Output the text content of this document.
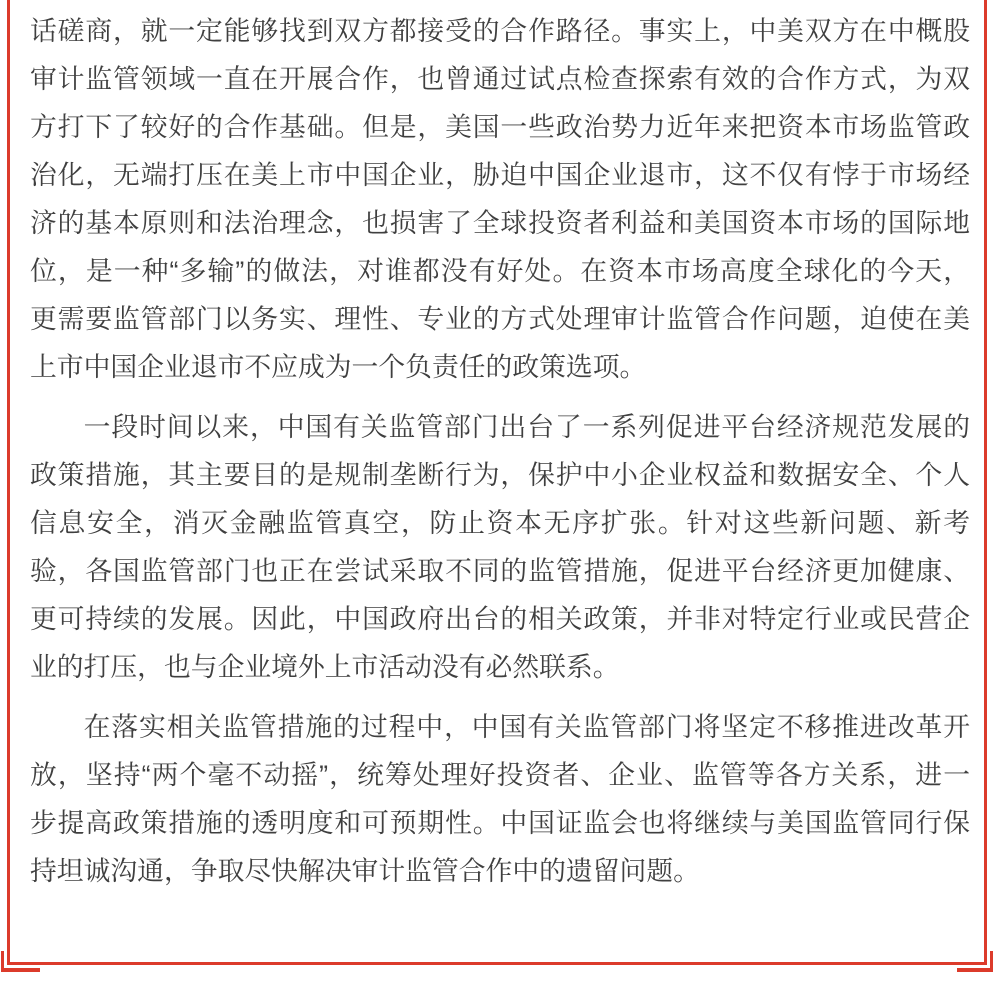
话磋商，就一定能够找到双方都接受的合作路径。事实上，中美双方在中概股
审计监管领域一直在开展合作，也曾通过试点检查探索有效的合作方式，为双
方打下了较好的合作基础。但是，美国一些政治势力近年来把资本市场监管政
治化，无端打压在美上市中国企业，胁迫中国企业退市，这不仅有悖于市场经
济的基本原则和法治理念，也损害了全球投资者利益和美国资本市场的国际地
位，是一种“多输”的做法，对谁都没有好处。在资本市场高度全球化的今天，
更需要监管部门以务实、理性、专业的方式处理审计监管合作问题，迫使在美
上市中国企业退市不应成为一个负责任的政策选项。
一段时间以来，中国有关监管部门出台了一系列促进平台经济规范发展的
政策措施，其主要目的是规制垄断行为，保护中小企业权益和数据安全、个人
信息安全，消灭金融监管真空，防止资本无序扩张。针对这些新问题、新考
验，各国监管部门也正在尝试采取不同的监管措施，促进平台经济更加健康、
更可持续的发展。因此，中国政府出台的相关政策，并非对特定行业或民营企
业的打压，也与企业境外上市活动没有必然联系。
在落实相关监管措施的过程中，中国有关监管部门将坚定不移推进改革开
放，坚持“两个毫不动摇”，统筹处理好投资者、企业、监管等各方关系，进一
步提高政策措施的透明度和可预期性。中国证监会也将继续与美国监管同行保
持坦诚沟通，争取尽快解决审计监管合作中的遗留问题。
